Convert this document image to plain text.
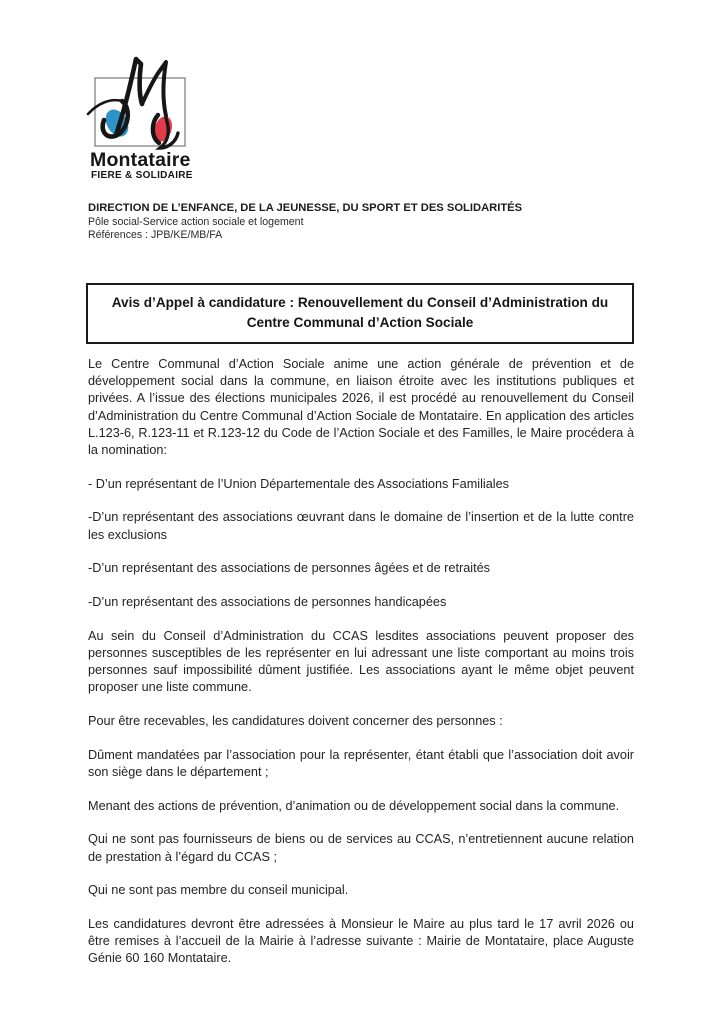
Montataire
FIERE & SOLIDAIRE
DIRECTION DE L’ENFANCE, DE LA JEUNESSE, DU SPORT ET DES SOLIDARITÉS
Pôle social-Service action sociale et logement
Références : JPB/KE/MB/FA
Avis d’Appel à candidature : Renouvellement du Conseil d’Administration du Centre Communal d’Action Sociale

Le Centre Communal d’Action Sociale anime une action générale de prévention et de développement social dans la commune, en liaison étroite avec les institutions publiques et privées. A l’issue des élections municipales 2026, il est procédé au renouvellement du Conseil d’Administration du Centre Communal d’Action Sociale de Montataire. En application des articles L.123-6, R.123-11 et R.123-12 du Code de l’Action Sociale et des Familles, le Maire procédera à la nomination:

- D’un représentant de l’Union Départementale des Associations Familiales

-D’un représentant des associations œuvrant dans le domaine de l’insertion et de la lutte contre les exclusions

-D’un représentant des associations de personnes âgées et de retraités

-D’un représentant des associations de personnes handicapées

Au sein du Conseil d’Administration du CCAS lesdites associations peuvent proposer des personnes susceptibles de les représenter en lui adressant une liste comportant au moins trois personnes sauf impossibilité dûment justifiée. Les associations ayant le même objet peuvent proposer une liste commune.

Pour être recevables, les candidatures doivent concerner des personnes :

Dûment mandatées par l’association pour la représenter, étant établi que l’association doit avoir son siège dans le département ;

Menant des actions de prévention, d’animation ou de développement social dans la commune.

Qui ne sont pas fournisseurs de biens ou de services au CCAS, n’entretiennent aucune relation de prestation à l’égard du CCAS ;

Qui ne sont pas membre du conseil municipal.

Les candidatures devront être adressées à Monsieur le Maire au plus tard le 17 avril 2026 ou être remises à l’accueil de la Mairie à l’adresse suivante : Mairie de Montataire, place Auguste Génie 60 160 Montataire.
